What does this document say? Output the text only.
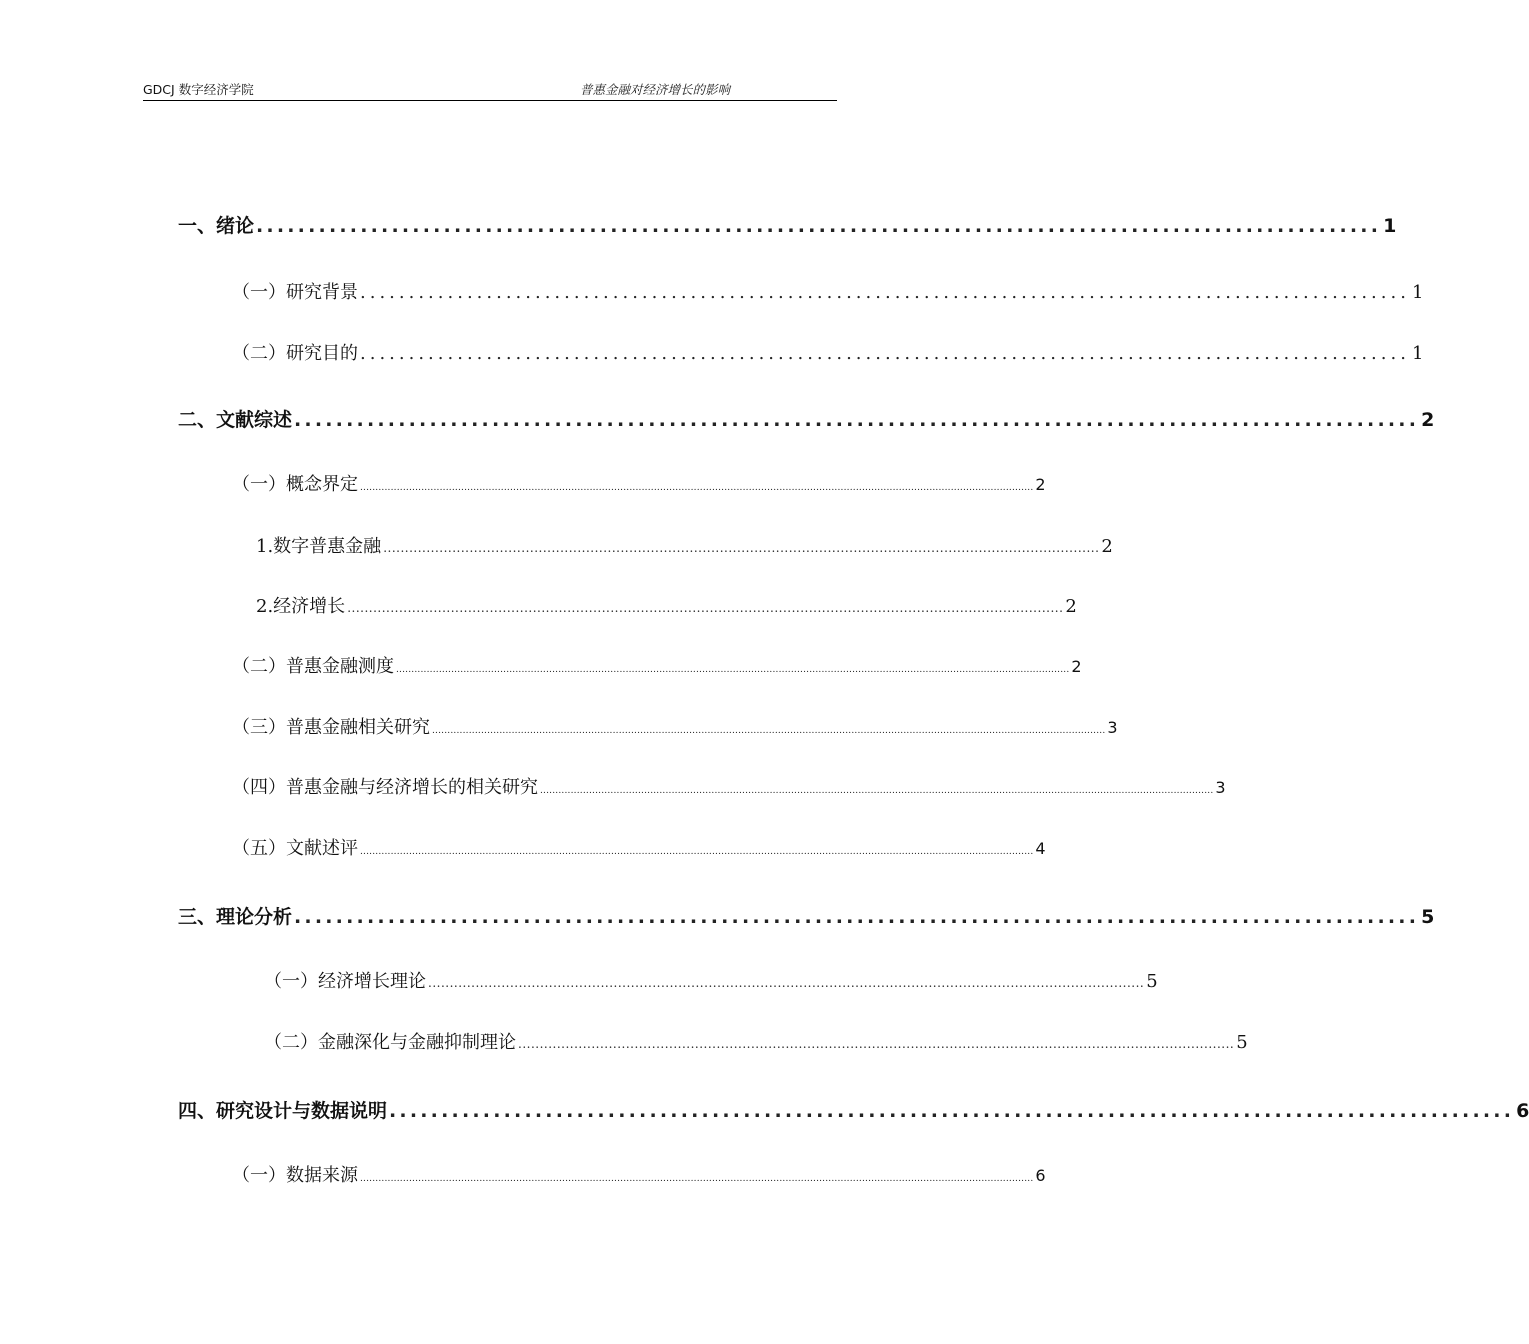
GDCJ 数字经济学院	普惠金融对经济增长的影响
一、绪论 ............................................................................................................ 1
（一）研究背景 ............................................................................................................ 1
（二）研究目的 ............................................................................................................ 1
二、文献综述 ............................................................................................................ 2
（一）概念界定 ............................................................................................................................................................................................................................ 2
1.数字普惠金融 ...................................................................................................................................................................... 2
2.经济增长 ...................................................................................................................................................................... 2
（二）普惠金融测度 ............................................................................................................................................................................................................................ 2
（三）普惠金融相关研究 ............................................................................................................................................................................................................................ 3
（四）普惠金融与经济增长的相关研究 ............................................................................................................................................................................................................................ 3
（五）文献述评 ............................................................................................................................................................................................................................ 4
三、理论分析 ............................................................................................................ 5
（一）经济增长理论 ...................................................................................................................................................................... 5
（二）金融深化与金融抑制理论 ...................................................................................................................................................................... 5
四、研究设计与数据说明 ............................................................................................................ 6
（一）数据来源 ............................................................................................................................................................................................................................ 6
